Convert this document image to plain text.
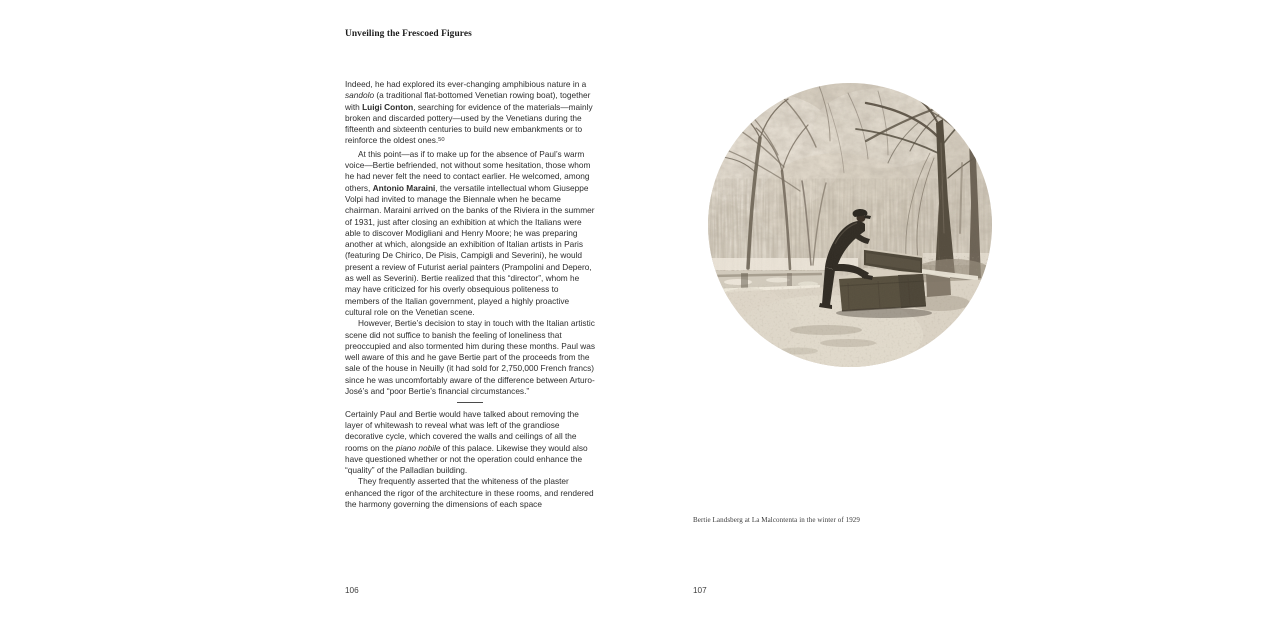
Unveiling the Frescoed Figures

Indeed, he had explored its ever-changing amphibious nature in a sandolo (a traditional flat-bottomed Venetian rowing boat), together with Luigi Conton, searching for evidence of the materials—mainly broken and discarded pottery—used by the Venetians during the fifteenth and sixteenth centuries to build new embankments or to reinforce the oldest ones.$^{50}$

At this point—as if to make up for the absence of Paul’s warm voice—Bertie befriended, not without some hesitation, those whom he had never felt the need to contact earlier. He welcomed, among others, Antonio Maraini, the versatile intellectual whom Giuseppe Volpi had invited to manage the Biennale when he became chairman. Maraini arrived on the banks of the Riviera in the summer of 1931, just after closing an exhibition at which the Italians were able to discover Modigliani and Henry Moore; he was preparing another at which, alongside an exhibition of Italian artists in Paris (featuring De Chirico, De Pisis, Campigli and Severini), he would present a review of Futurist aerial painters (Prampolini and Depero, as well as Severini). Bertie realized that this “director”, whom he may have criticized for his overly obsequious politeness to members of the Italian government, played a highly proactive cultural role on the Venetian scene.

However, Bertie’s decision to stay in touch with the Italian artistic scene did not suffice to banish the feeling of loneliness that preoccupied and also tormented him during these months. Paul was well aware of this and he gave Bertie part of the proceeds from the sale of the house in Neuilly (it had sold for 2,750,000 French francs) since he was uncomfortably aware of the difference between Arturo-José’s and “poor Bertie’s financial circumstances.”

Certainly Paul and Bertie would have talked about removing the layer of whitewash to reveal what was left of the grandiose decorative cycle, which covered the walls and ceilings of all the rooms on the piano nobile of this palace. Likewise they would also have questioned whether or not the operation could enhance the “quality” of the Palladian building.

They frequently asserted that the whiteness of the plaster enhanced the rigor of the architecture in these rooms, and rendered the harmony governing the dimensions of each space

106
Bertie Landsberg at La Malcontenta in the winter of 1929
107
